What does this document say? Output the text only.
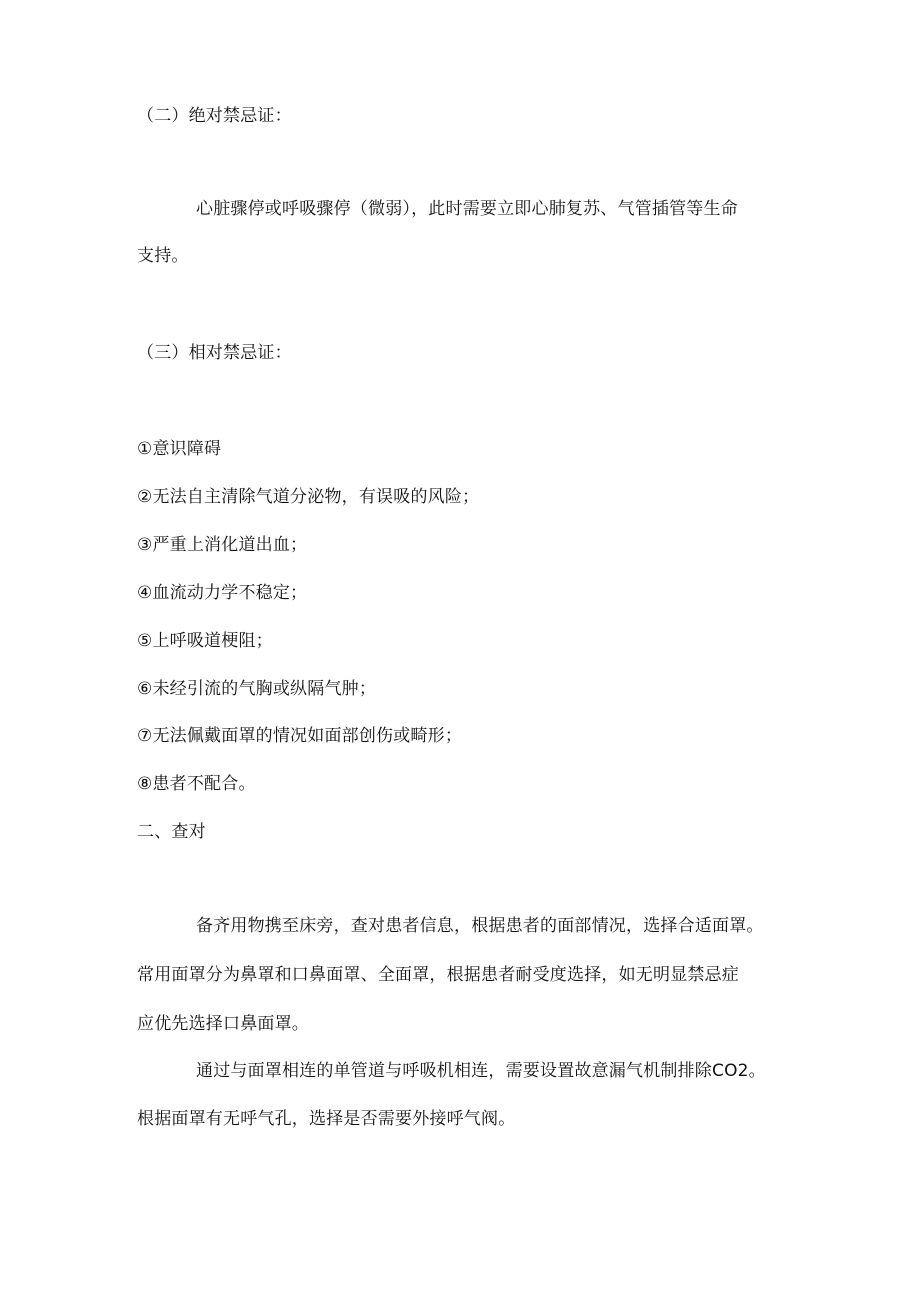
（二）绝对禁忌证：
心脏骤停或呼吸骤停（微弱），此时需要立即心肺复苏、气管插管等生命
支持。
（三）相对禁忌证：
①意识障碍
②无法自主清除气道分泌物，有误吸的风险；
③严重上消化道出血；
④血流动力学不稳定；
⑤上呼吸道梗阻；
⑥未经引流的气胸或纵隔气肿；
⑦无法佩戴面罩的情况如面部创伤或畸形；
⑧患者不配合。
二、查对
备齐用物携至床旁，查对患者信息，根据患者的面部情况，选择合适面罩。
常用面罩分为鼻罩和口鼻面罩、全面罩，根据患者耐受度选择，如无明显禁忌症
应优先选择口鼻面罩。
通过与面罩相连的单管道与呼吸机相连，需要设置故意漏气机制排除CO2。
根据面罩有无呼气孔，选择是否需要外接呼气阀。
